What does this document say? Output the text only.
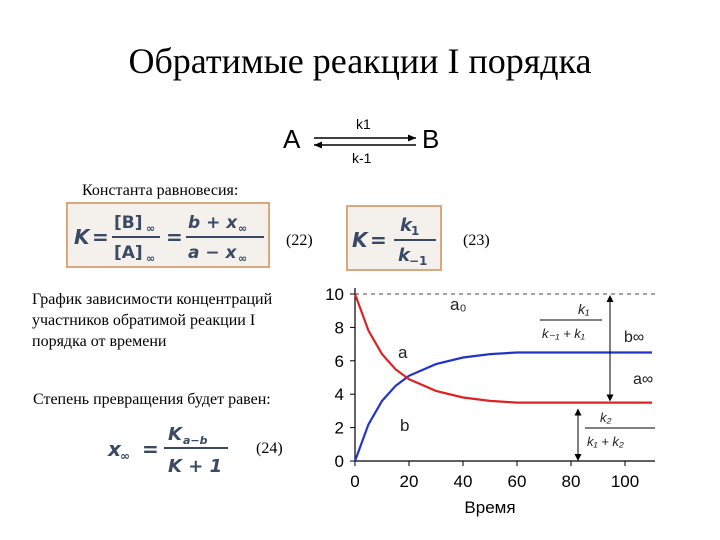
Обратимые реакции I порядка
A	B
k1
k-1
Константа равновесия:
K =
[B] ∞
[A] ∞
=
b + x ∞
a − x ∞
(22) K =
k 1
k −1
(23)
График зависимости концентраций участников обратимой реакции I порядка от времени
Степень превращения будет равен:
x ∞ =
K a−b
K + 1
(24)
0 20 40 60 80 100
0
2
4
6
8
10
Время
a₀
a
b
b∞
a∞
k₁
k₋₁ + k₁
k₂
k₁ + k₂
